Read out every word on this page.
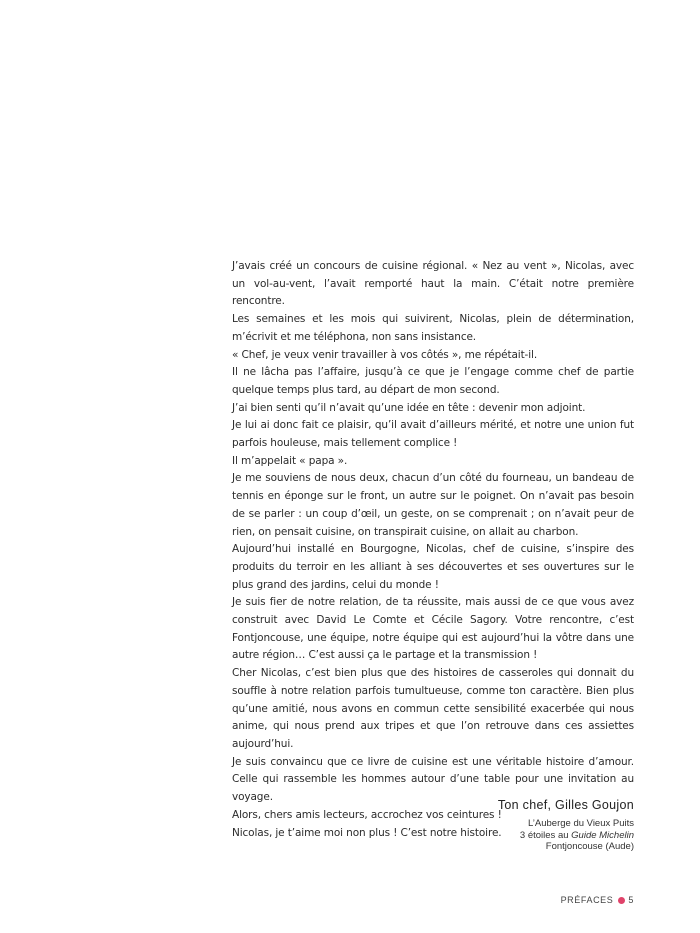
J’avais créé un concours de cuisine régional. « Nez au vent », Nicolas, avec un vol-au-vent, l’avait remporté haut la main. C’était notre première rencontre.

Les semaines et les mois qui suivirent, Nicolas, plein de détermination, m’écrivit et me téléphona, non sans insistance.

« Chef, je veux venir travailler à vos côtés », me répétait-il.

Il ne lâcha pas l’affaire, jusqu’à ce que je l’engage comme chef de partie quelque temps plus tard, au départ de mon second.

J’ai bien senti qu’il n’avait qu’une idée en tête : devenir mon adjoint.

Je lui ai donc fait ce plaisir, qu’il avait d’ailleurs mérité, et notre une union fut parfois houleuse, mais tellement complice !

Il m’appelait « papa ».

Je me souviens de nous deux, chacun d’un côté du fourneau, un bandeau de tennis en éponge sur le front, un autre sur le poignet. On n’avait pas besoin de se parler : un coup d’œil, un geste, on se comprenait ; on n’avait peur de rien, on pensait cuisine, on transpirait cuisine, on allait au charbon.

Aujourd’hui installé en Bourgogne, Nicolas, chef de cuisine, s’inspire des produits du terroir en les alliant à ses découvertes et ses ouvertures sur le plus grand des jardins, celui du monde !

Je suis fier de notre relation, de ta réussite, mais aussi de ce que vous avez construit avec David Le Comte et Cécile Sagory. Votre rencontre, c’est Fontjoncouse, une équipe, notre équipe qui est aujourd’hui la vôtre dans une autre région… C’est aussi ça le partage et la transmission !

Cher Nicolas, c’est bien plus que des histoires de casseroles qui donnait du souffle à notre relation parfois tumultueuse, comme ton caractère. Bien plus qu’une amitié, nous avons en commun cette sensibilité exacerbée qui nous anime, qui nous prend aux tripes et que l’on retrouve dans ces assiettes aujourd’hui.

Je suis convaincu que ce livre de cuisine est une véritable histoire d’amour. Celle qui rassemble les hommes autour d’une table pour une invitation au voyage.

Alors, chers amis lecteurs, accrochez vos ceintures !

Nicolas, je t’aime moi non plus ! C’est notre histoire.

Ton chef, Gilles Goujon
L’Auberge du Vieux Puits
3 étoiles au Guide Michelin
Fontjoncouse (Aude)
PRÉFACES 5
